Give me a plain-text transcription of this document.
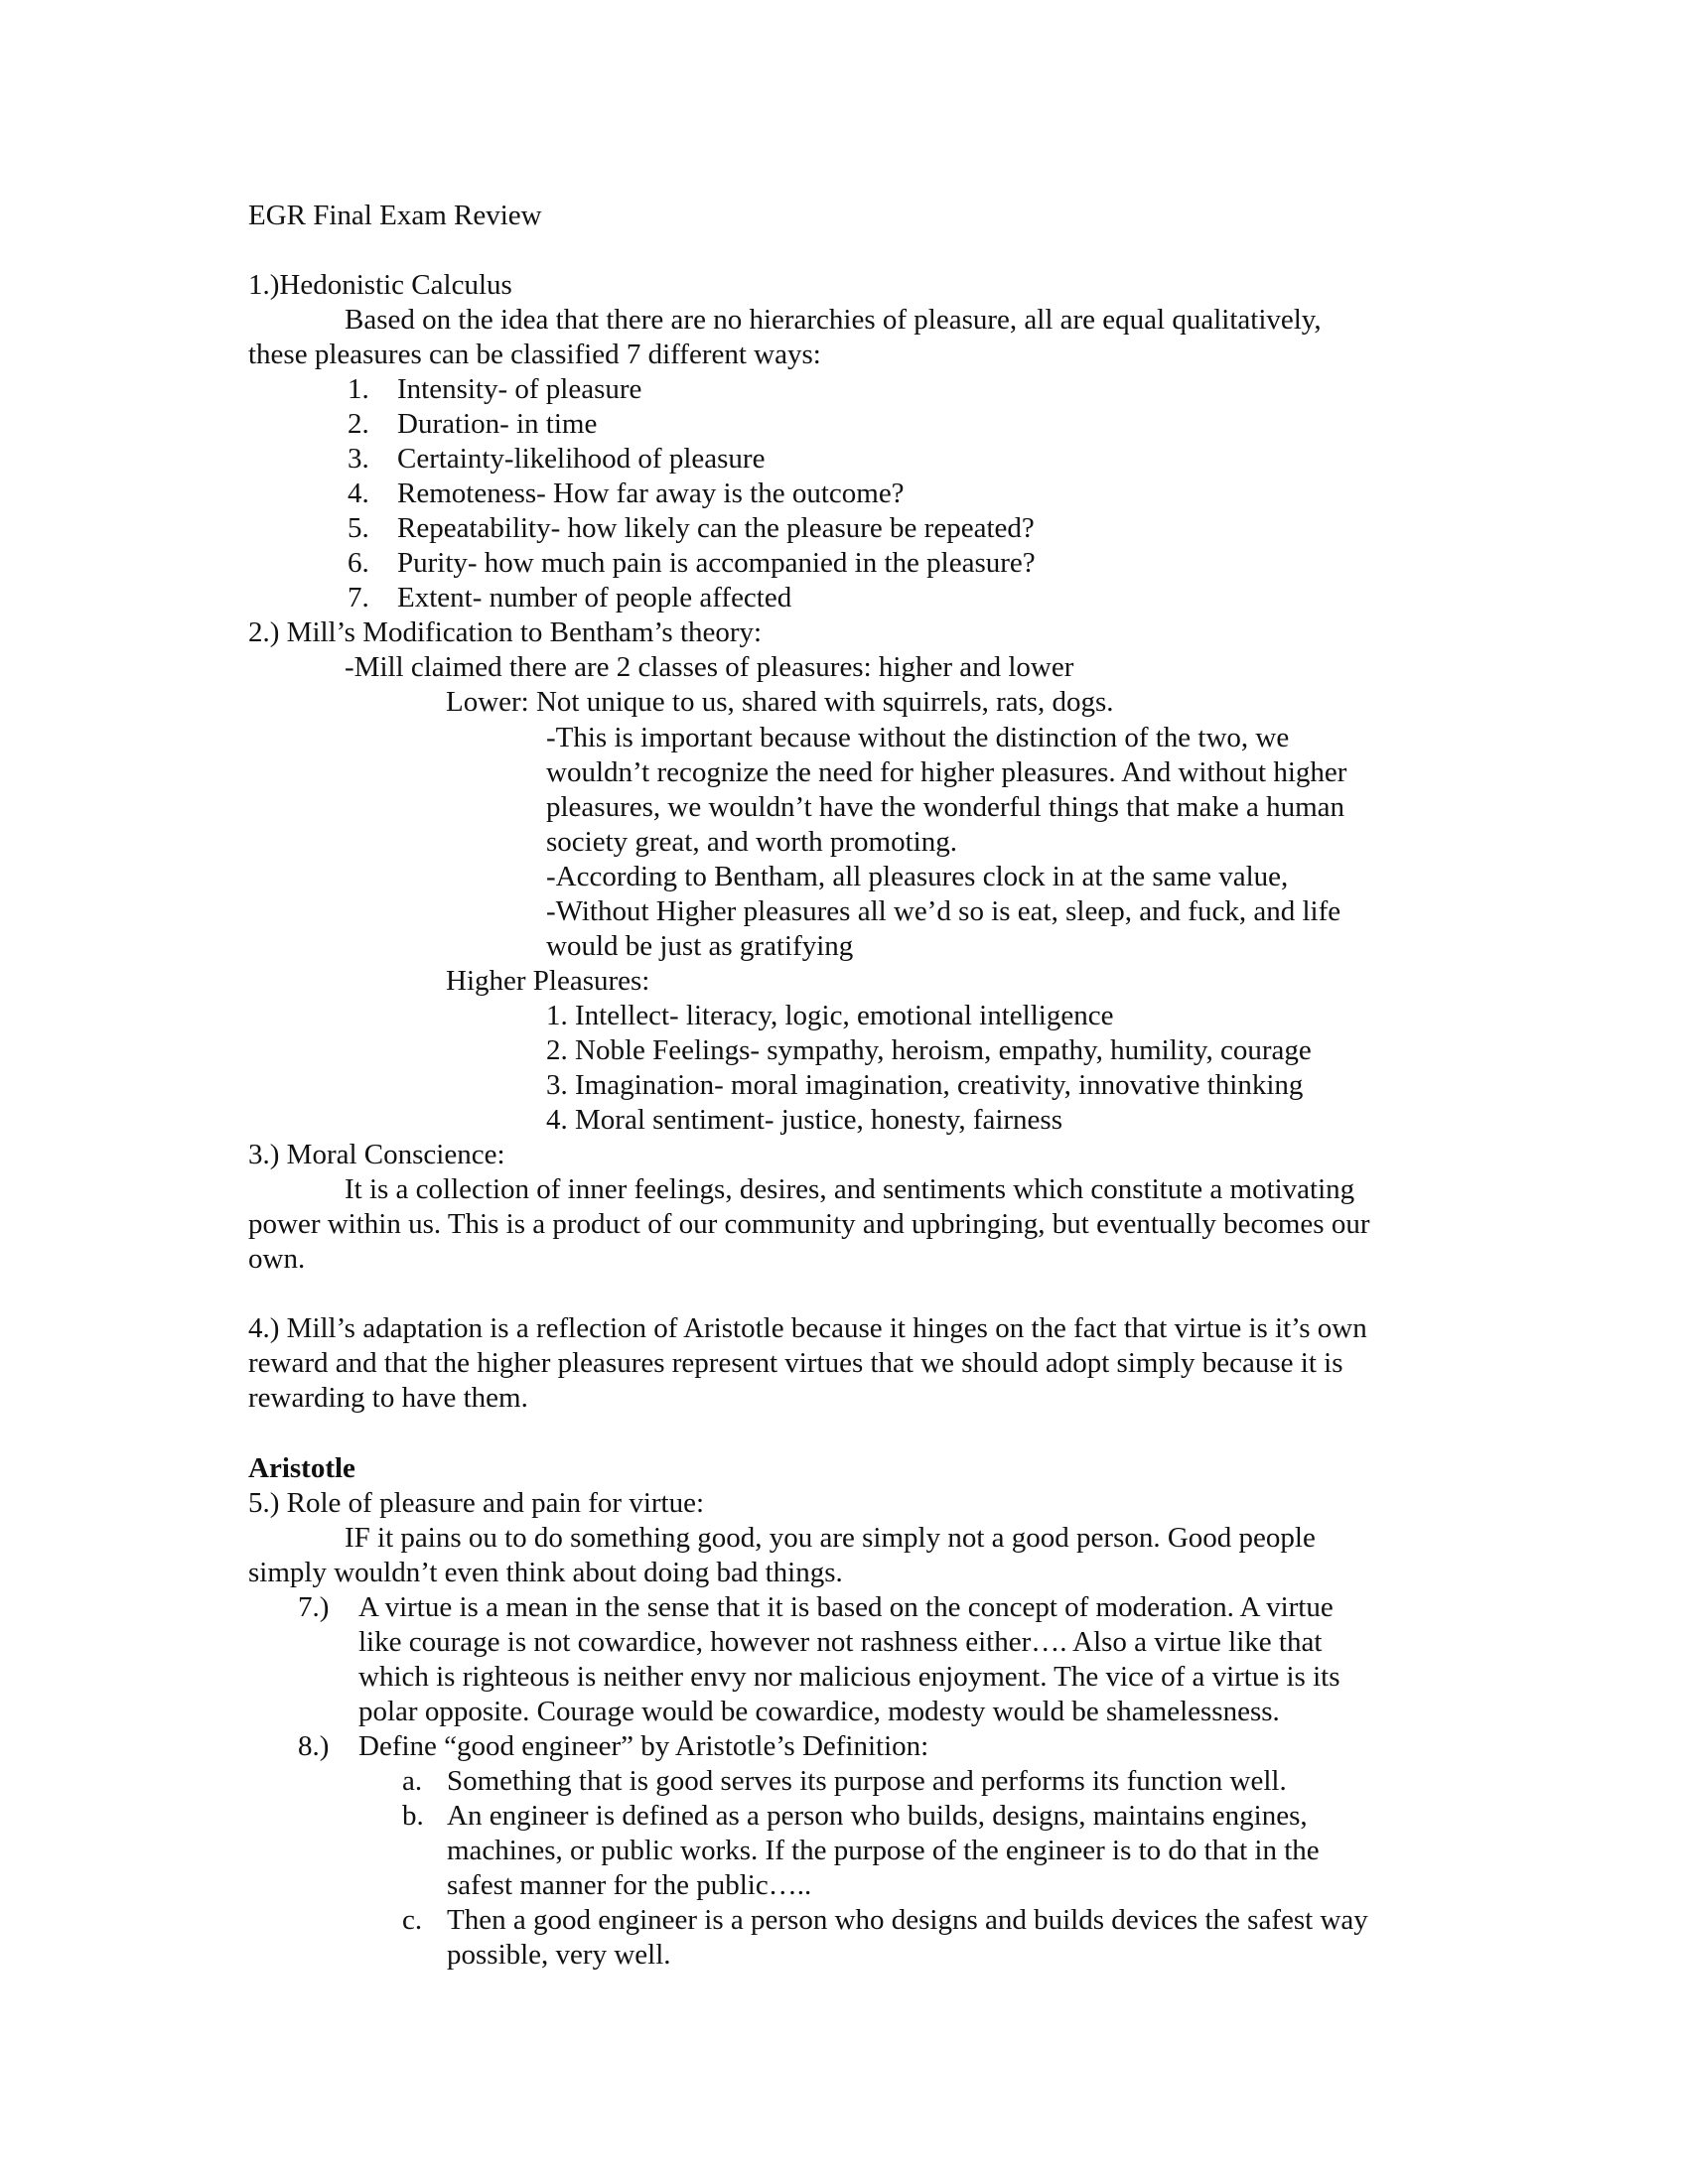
EGR Final Exam Review
1.)Hedonistic Calculus
Based on the idea that there are no hierarchies of pleasure, all are equal qualitatively,
these pleasures can be classified 7 different ways:
1. Intensity- of pleasure
2. Duration- in time
3. Certainty-likelihood of pleasure
4. Remoteness- How far away is the outcome?
5. Repeatability- how likely can the pleasure be repeated?
6. Purity- how much pain is accompanied in the pleasure?
7. Extent- number of people affected
2.) Mill’s Modification to Bentham’s theory:
-Mill claimed there are 2 classes of pleasures: higher and lower
Lower: Not unique to us, shared with squirrels, rats, dogs.
-This is important because without the distinction of the two, we
wouldn’t recognize the need for higher pleasures. And without higher
pleasures, we wouldn’t have the wonderful things that make a human
society great, and worth promoting.
-According to Bentham, all pleasures clock in at the same value,
-Without Higher pleasures all we’d so is eat, sleep, and fuck, and life
would be just as gratifying
Higher Pleasures:
1. Intellect- literacy, logic, emotional intelligence
2. Noble Feelings- sympathy, heroism, empathy, humility, courage
3. Imagination- moral imagination, creativity, innovative thinking
4. Moral sentiment- justice, honesty, fairness
3.) Moral Conscience:
It is a collection of inner feelings, desires, and sentiments which constitute a motivating
power within us. This is a product of our community and upbringing, but eventually becomes our
own.
4.) Mill’s adaptation is a reflection of Aristotle because it hinges on the fact that virtue is it’s own
reward and that the higher pleasures represent virtues that we should adopt simply because it is
rewarding to have them.
Aristotle
5.) Role of pleasure and pain for virtue:
IF it pains ou to do something good, you are simply not a good person. Good people
simply wouldn’t even think about doing bad things.
7.) A virtue is a mean in the sense that it is based on the concept of moderation. A virtue
like courage is not cowardice, however not rashness either…. Also a virtue like that
which is righteous is neither envy nor malicious enjoyment. The vice of a virtue is its
polar opposite. Courage would be cowardice, modesty would be shamelessness.
8.) Define “good engineer” by Aristotle’s Definition:
a. Something that is good serves its purpose and performs its function well.
b. An engineer is defined as a person who builds, designs, maintains engines,
machines, or public works. If the purpose of the engineer is to do that in the
safest manner for the public…..
c. Then a good engineer is a person who designs and builds devices the safest way
possible, very well.
